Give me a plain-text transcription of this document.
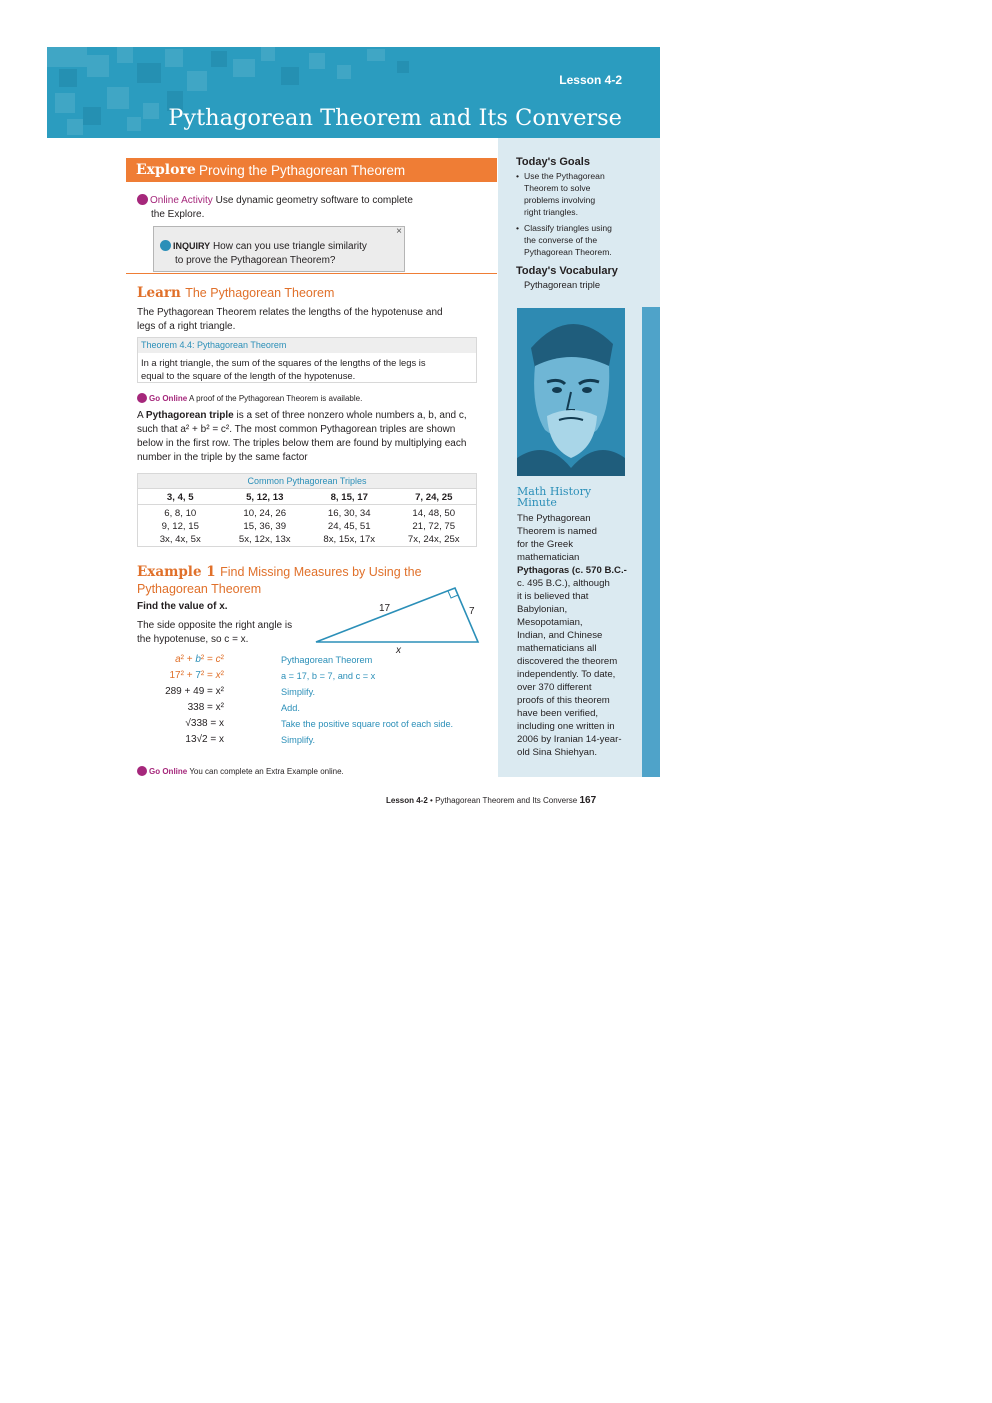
Lesson 4-2
Pythagorean Theorem and Its Converse
Today's Goals
• Use the Pythagorean
Theorem to solve
problems involving
right triangles.
• Classify triangles using
the converse of the
Pythagorean Theorem.
Today's Vocabulary
Pythagorean triple
Math History
Minute
The Pythagorean
Theorem is named
for the Greek
mathematician
Pythagoras (c. 570 B.C.-
c. 495 B.C.), although
it is believed that
Babylonian,
Mesopotamian,
Indian, and Chinese
mathematicians all
discovered the theorem
independently. To date,
over 370 different
proofs of this theorem
have been verified,
including one written in
2006 by Iranian 14-year-
old Sina Shiehyan.
Explore Proving the Pythagorean Theorem
Online Activity Use dynamic geometry software to complete
the Explore.
×
INQUIRY How can you use triangle similarity
to prove the Pythagorean Theorem?
Learn The Pythagorean Theorem
The Pythagorean Theorem relates the lengths of the hypotenuse and
legs of a right triangle.
Theorem 4.4: Pythagorean Theorem
In a right triangle, the sum of the squares of the lengths of the legs is
equal to the square of the length of the hypotenuse.
Go Online A proof of the Pythagorean Theorem is available.
A Pythagorean triple is a set of three nonzero whole numbers a, b, and c,
such that a² + b² = c². The most common Pythagorean triples are shown
below in the first row. The triples below them are found by multiplying each
number in the triple by the same factor
Common Pythagorean Triples
3, 4, 5	5, 12, 13	8, 15, 17	7, 24, 25
6, 8, 10	10, 24, 26	16, 30, 34	14, 48, 50
9, 12, 15	15, 36, 39	24, 45, 51	21, 72, 75
3x, 4x, 5x	5x, 12x, 13x	8x, 15x, 17x	7x, 24x, 25x
Example 1 Find Missing Measures by Using the
Pythagorean Theorem
Find the value of x.
The side opposite the right angle is
the hypotenuse, so c = x.
17	7
x
a² + b² = c²	Pythagorean Theorem
17² + 7² = x²	a = 17, b = 7, and c = x
289 + 49 = x²	Simplify.
338 = x²	Add.
√338 = x	Take the positive square root of each side.
13√2 = x	Simplify.
Go Online You can complete an Extra Example online.
Lesson 4-2 • Pythagorean Theorem and Its Converse 167
